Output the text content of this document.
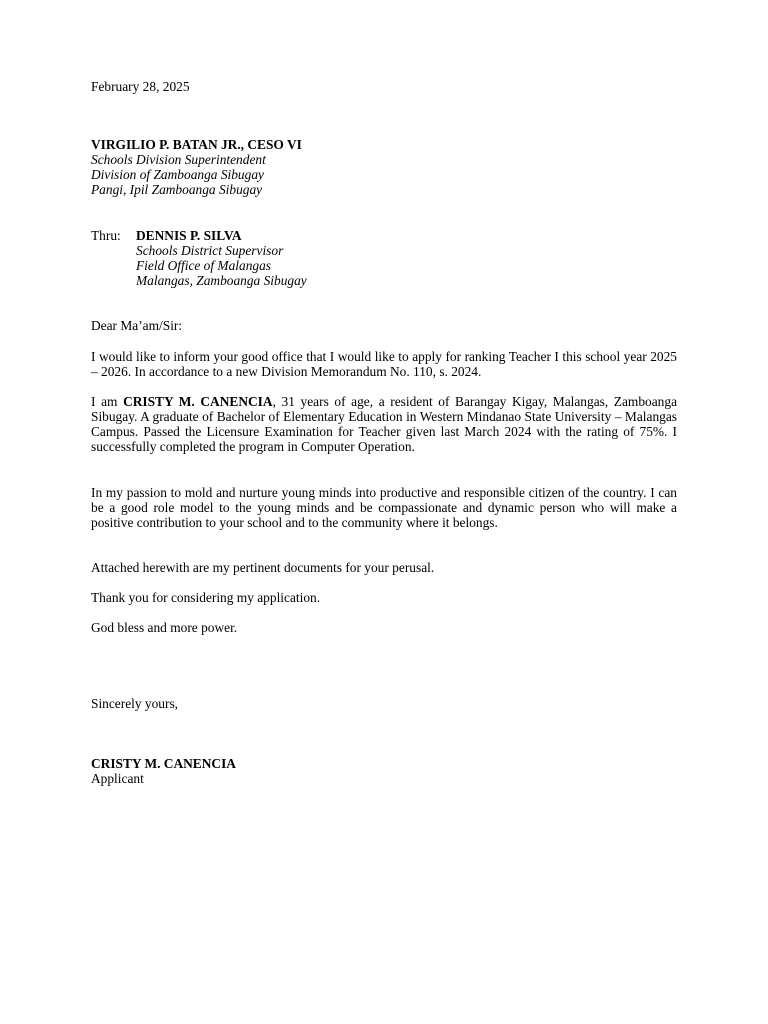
February 28, 2025
VIRGILIO P. BATAN JR., CESO VI
Schools Division Superintendent
Division of Zamboanga Sibugay
Pangi, Ipil Zamboanga Sibugay
Thru: DENNIS P. SILVA
Schools District Supervisor
Field Office of Malangas
Malangas, Zamboanga Sibugay
Dear Ma’am/Sir:
I would like to inform your good office that I would like to apply for ranking Teacher I this school year 2025 – 2026. In accordance to a new Division Memorandum No. 110, s. 2024.
I am CRISTY M. CANENCIA, 31 years of age, a resident of Barangay Kigay, Malangas, Zamboanga Sibugay. A graduate of Bachelor of Elementary Education in Western Mindanao State University – Malangas Campus. Passed the Licensure Examination for Teacher given last March 2024 with the rating of 75%. I successfully completed the program in Computer Operation.
In my passion to mold and nurture young minds into productive and responsible citizen of the country. I can be a good role model to the young minds and be compassionate and dynamic person who will make a positive contribution to your school and to the community where it belongs.
Attached herewith are my pertinent documents for your perusal.
Thank you for considering my application.
God bless and more power.
Sincerely yours,
CRISTY M. CANENCIA
Applicant
